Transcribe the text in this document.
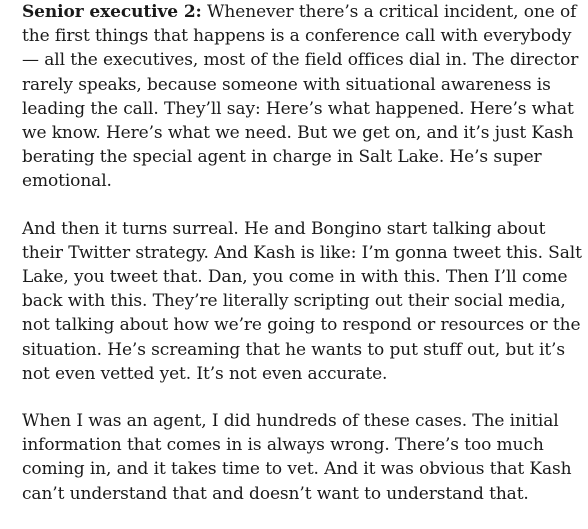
Senior executive 2: Whenever there’s a critical incident, one of the first things that happens is a conference call with everybody — all the executives, most of the field offices dial in. The director rarely speaks, because someone with situational awareness is leading the call. They’ll say: Here’s what happened. Here’s what we know. Here’s what we need. But we get on, and it’s just Kash berating the special agent in charge in Salt Lake. He’s super emotional.

And then it turns surreal. He and Bongino start talking about their Twitter strategy. And Kash is like: I’m gonna tweet this. Salt Lake, you tweet that. Dan, you come in with this. Then I’ll come back with this. They’re literally scripting out their social media, not talking about how we’re going to respond or resources or the situation. He’s screaming that he wants to put stuff out, but it’s not even vetted yet. It’s not even accurate.

When I was an agent, I did hundreds of these cases. The initial information that comes in is always wrong. There’s too much coming in, and it takes time to vet. And it was obvious that Kash can’t understand that and doesn’t want to understand that.
